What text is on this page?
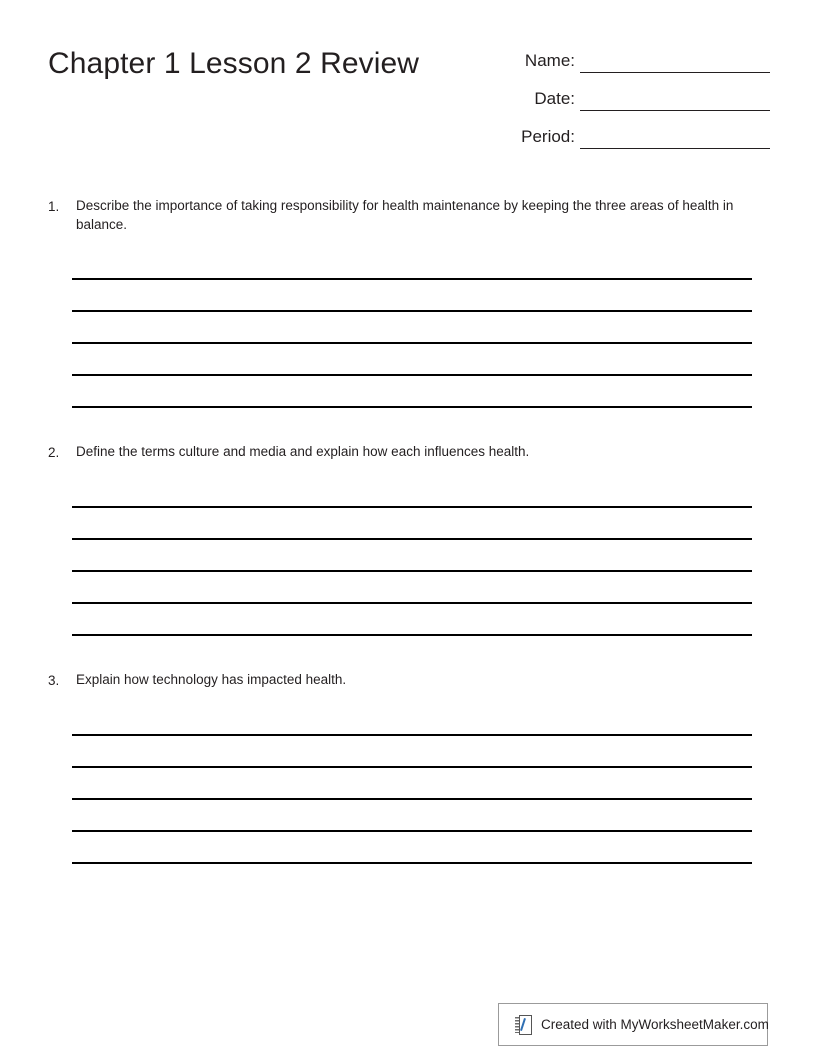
Chapter 1 Lesson 2 Review	Name:
Date:
Period:
1.	Describe the importance of taking responsibility for health maintenance by keeping the three areas of health in balance.
2.	Define the terms culture and media and explain how each influences health.
3.	Explain how technology has impacted health.
Created with MyWorksheetMaker.com
